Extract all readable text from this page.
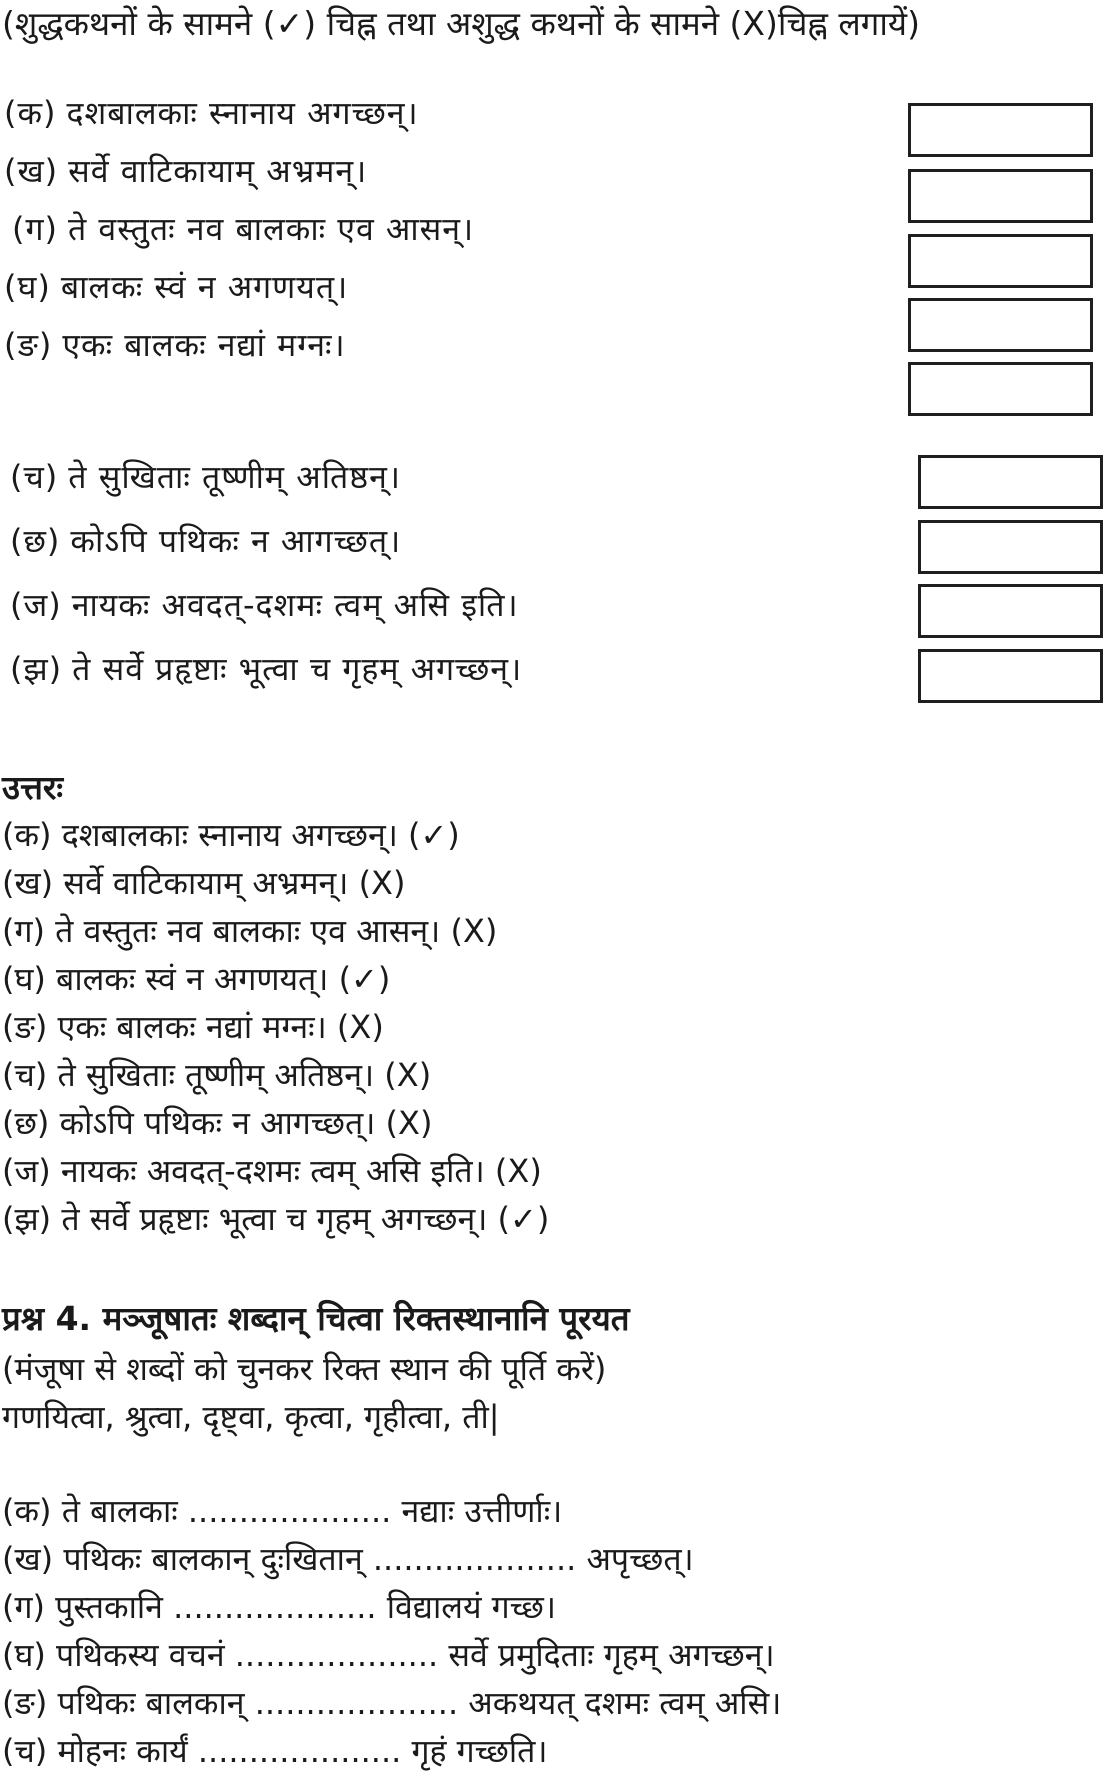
(शुद्धकथनों के सामने (✓) चिह्न तथा अशुद्ध कथनों के सामने (X)चिह्न लगायें)
(क) दशबालकाः स्नानाय अगच्छन्।
(ख) सर्वे वाटिकायाम् अभ्रमन्।
(ग) ते वस्तुतः नव बालकाः एव आसन्।
(घ) बालकः स्वं न अगणयत्।
(ङ) एकः बालकः नद्यां मग्नः।
(च) ते सुखिताः तूष्णीम् अतिष्ठन्।
(छ) कोऽपि पथिकः न आगच्छत्।
(ज) नायकः अवदत्-दशमः त्वम् असि इति।
(झ) ते सर्वे प्रहृष्टाः भूत्वा च गृहम् अगच्छन्।
उत्तरः
(क) दशबालकाः स्नानाय अगच्छन्। (✓)
(ख) सर्वे वाटिकायाम् अभ्रमन्। (X)
(ग) ते वस्तुतः नव बालकाः एव आसन्। (X)
(घ) बालकः स्वं न अगणयत्। (✓)
(ङ) एकः बालकः नद्यां मग्नः। (X)
(च) ते सुखिताः तूष्णीम् अतिष्ठन्। (X)
(छ) कोऽपि पथिकः न आगच्छत्। (X)
(ज) नायकः अवदत्-दशमः त्वम् असि इति। (X)
(झ) ते सर्वे प्रहृष्टाः भूत्वा च गृहम् अगच्छन्। (✓)
प्रश्न 4. मञ्जूषातः शब्दान् चित्वा रिक्तस्थानानि पूरयत
(मंजूषा से शब्दों को चुनकर रिक्त स्थान की पूर्ति करें)
गणयित्वा, श्रुत्वा, दृष्ट्वा, कृत्वा, गृहीत्वा, ती|
(क) ते बालकाः .................... नद्याः उत्तीर्णाः।
(ख) पथिकः बालकान् दुःखितान् .................... अपृच्छत्।
(ग) पुस्तकानि .................... विद्यालयं गच्छ।
(घ) पथिकस्य वचनं .................... सर्वे प्रमुदिताः गृहम् अगच्छन्।
(ङ) पथिकः बालकान् .................... अकथयत् दशमः त्वम् असि।
(च) मोहनः कार्यं .................... गृहं गच्छति।
